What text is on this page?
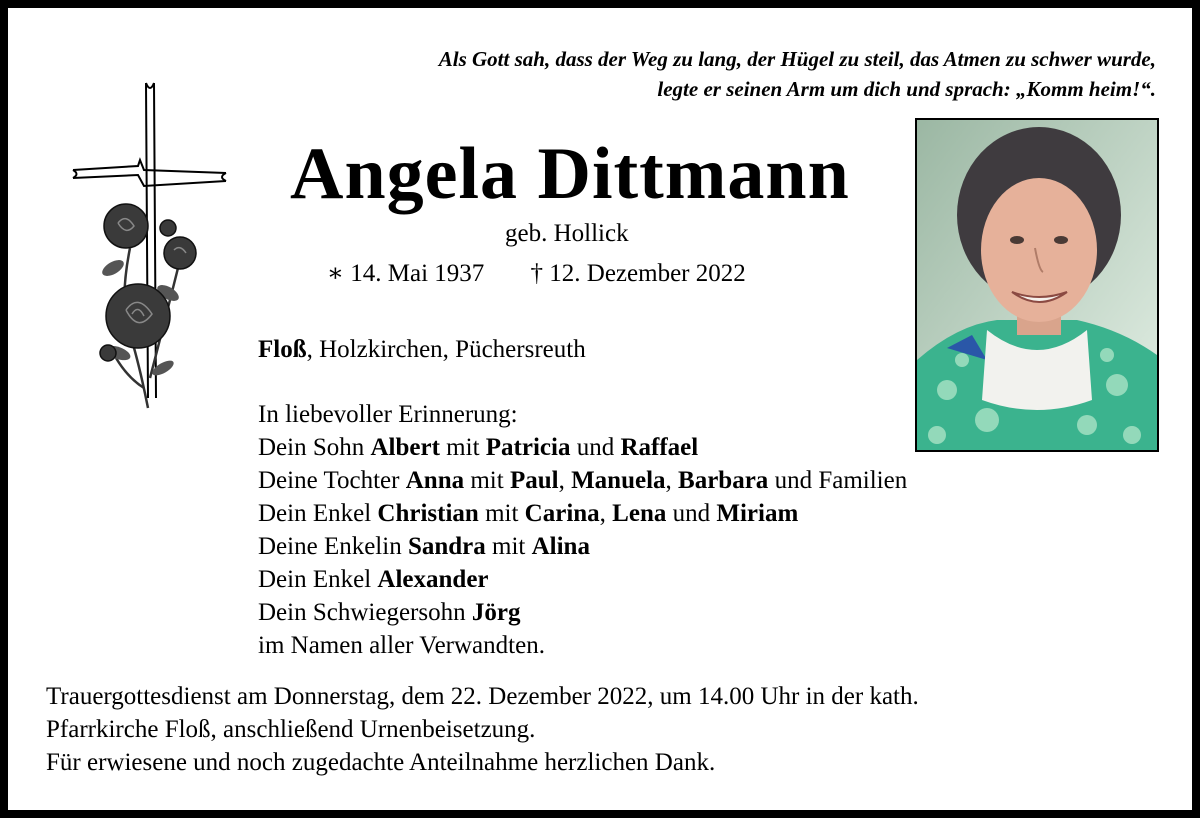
Als Gott sah, dass der Weg zu lang, der Hügel zu steil, das Atmen zu schwer wurde,
legte er seinen Arm um dich und sprach: „Komm heim!“.
Angela Dittmann
geb. Hollick
∗ 14. Mai 1937 † 12. Dezember 2022
Floß, Holzkirchen, Püchersreuth
In liebevoller Erinnerung:
Dein Sohn Albert mit Patricia und Raffael
Deine Tochter Anna mit Paul, Manuela, Barbara und Familien
Dein Enkel Christian mit Carina, Lena und Miriam
Deine Enkelin Sandra mit Alina
Dein Enkel Alexander
Dein Schwiegersohn Jörg
im Namen aller Verwandten.
Trauergottesdienst am Donnerstag, dem 22. Dezember 2022, um 14.00 Uhr in der kath.
Pfarrkirche Floß, anschließend Urnenbeisetzung.
Für erwiesene und noch zugedachte Anteilnahme herzlichen Dank.
